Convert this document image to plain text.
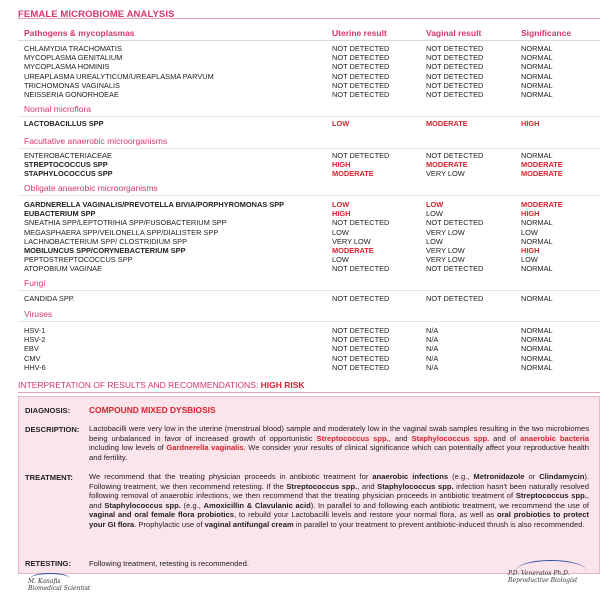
FEMALE MICROBIOME ANALYSIS
Pathogens & mycoplasmas	Uterine result	Vaginal result	Significance
CHLAMYDIA TRACHOMATIS	NOT DETECTED	NOT DETECTED	NORMAL
MYCOPLASMA GENITALIUM	NOT DETECTED	NOT DETECTED	NORMAL
MYCOPLASMA HOMINIS	NOT DETECTED	NOT DETECTED	NORMAL
UREAPLASMA UREALYTICUM/UREAPLASMA PARVUM	NOT DETECTED	NOT DETECTED	NORMAL
TRICHOMONAS VAGINALIS	NOT DETECTED	NOT DETECTED	NORMAL
NEISSERIA GONORHOEAE	NOT DETECTED	NOT DETECTED	NORMAL
Normal microflora
LACTOBACILLUS SPP	LOW	MODERATE	HIGH
Facultative anaerobic microorganisms
ENTEROBACTERIACEAE	NOT DETECTED	NOT DETECTED	NORMAL
STREPTOCOCCUS SPP	HIGH	MODERATE	MODERATE
STAPHYLOCOCCUS SPP	MODERATE	VERY LOW	MODERATE
Obligate anaerobic microorganisms
GARDNERELLA VAGINALIS/PREVOTELLA BIVIA/PORPHYROMONAS SPP	LOW	LOW	MODERATE
EUBACTERIUM SPP	HIGH	LOW	HIGH
SNEATHIA SPP/LEPTOTRIHIA SPP/FUSOBACTERIUM SPP	NOT DETECTED	NOT DETECTED	NORMAL
MEGASPHAERA SPP/VEILONELLA SPP/DIALISTER SPP	LOW	VERY LOW	LOW
LACHNOBACTERIUM SPP/ CLOSTRIDIUM SPP	VERY LOW	LOW	NORMAL
MOBILUNCUS SPP/CORYNEBACTERIUM SPP	MODERATE	VERY LOW	HIGH
PEPTOSTREPTOCOCCUS SPP	LOW	VERY LOW	LOW
ATOPOBIUM VAGINAE	NOT DETECTED	NOT DETECTED	NORMAL
Fungi
CANDIDA SPP.	NOT DETECTED	NOT DETECTED	NORMAL
Viruses
HSV-1	NOT DETECTED	N/A	NORMAL
HSV-2	NOT DETECTED	N/A	NORMAL
EBV	NOT DETECTED	N/A	NORMAL
CMV	NOT DETECTED	N/A	NORMAL
HHV-6	NOT DETECTED	N/A	NORMAL
INTERPRETATION OF RESULTS AND RECOMMENDATIONS: HIGH RISK
DIAGNOSIS: COMPOUND MIXED DYSBIOSIS
DESCRIPTION: Lactobacilli were very low in the uterine (menstrual blood) sample and moderately low in the vaginal swab samples resulting in the two microbiomes being unbalanced in favor of increased growth of opportunistic Streptococcus spp., and Staphylococcus spp. and of anaerobic bacteria including low levels of Gardnerella vaginalis. We consider your results of clinical significance which can potentially affect your reproductive health and fertility.
TREATMENT: We recommend that the treating physician proceeds in antibiotic treatment for anaerobic infections (e.g., Metronidazole or Clindamycin). Following treatment, we then recommend retesting. If the Streptococcus spp., and Staphylococcus spp. infection hasn't been naturally resolved following removal of anaerobic infections, we then recommend that the treating physician proceeds in antibiotic treatment of Streptococcus spp., and Staphylococcus spp. (e.g., Amoxicillin & Clavulanic acid). In parallel to and following each antibiotic treatment, we recommend the use of vaginal and oral female flora probiotics, to rebuild your Lactobacilli levels and restore your normal flora, as well as oral probiotics to protect your GI flora. Prophylactic use of vaginal antifungal cream in parallel to your treatment to prevent antibiotic-induced thrush is also recommended.
RETESTING: Following treatment, retesting is recommended.
M. Kanafis
Biomedical Scientist
P.D. Veneratos Ph.D.
Reproductive Biologist
